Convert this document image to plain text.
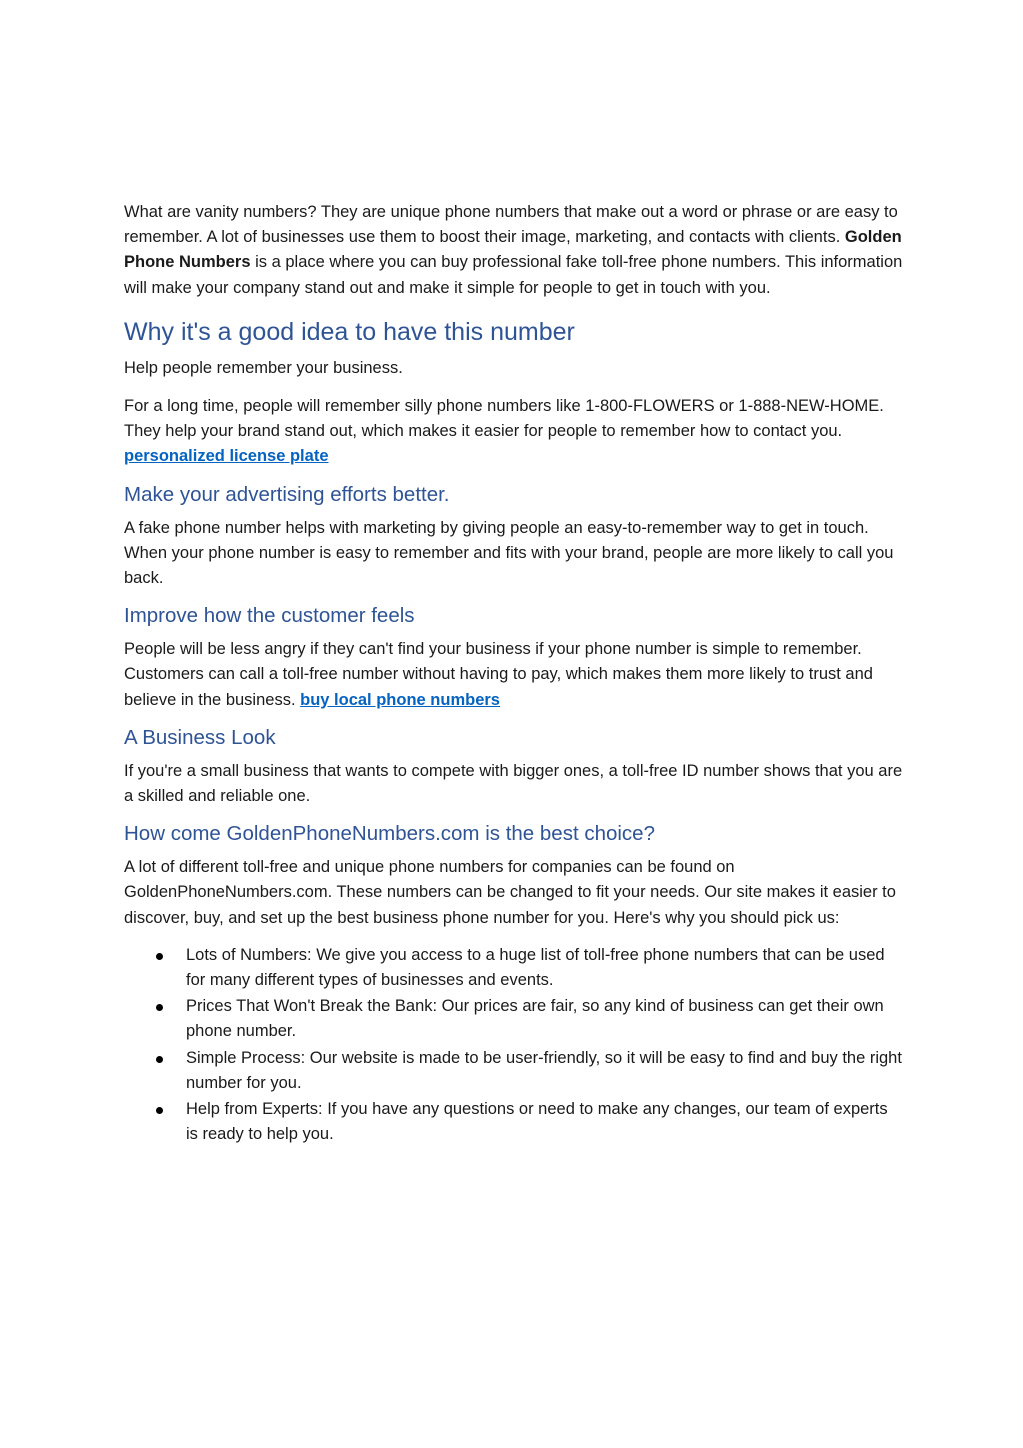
What are vanity numbers? They are unique phone numbers that make out a word or phrase or are easy to remember. A lot of businesses use them to boost their image, marketing, and contacts with clients. Golden Phone Numbers is a place where you can buy professional fake toll-free phone numbers. This information will make your company stand out and make it simple for people to get in touch with you.

Why it's a good idea to have this number

Help people remember your business.

For a long time, people will remember silly phone numbers like 1-800-FLOWERS or 1-888-NEW-HOME. They help your brand stand out, which makes it easier for people to remember how to contact you. personalized license plate

Make your advertising efforts better.

A fake phone number helps with marketing by giving people an easy-to-remember way to get in touch. When your phone number is easy to remember and fits with your brand, people are more likely to call you back.

Improve how the customer feels

People will be less angry if they can't find your business if your phone number is simple to remember. Customers can call a toll-free number without having to pay, which makes them more likely to trust and believe in the business. buy local phone numbers

A Business Look

If you're a small business that wants to compete with bigger ones, a toll-free ID number shows that you are a skilled and reliable one.

How come GoldenPhoneNumbers.com is the best choice?

A lot of different toll-free and unique phone numbers for companies can be found on GoldenPhoneNumbers.com. These numbers can be changed to fit your needs. Our site makes it easier to discover, buy, and set up the best business phone number for you. Here's why you should pick us:

Lots of Numbers: We give you access to a huge list of toll-free phone numbers that can be used for many different types of businesses and events.
Prices That Won't Break the Bank: Our prices are fair, so any kind of business can get their own phone number.
Simple Process: Our website is made to be user-friendly, so it will be easy to find and buy the right number for you.
Help from Experts: If you have any questions or need to make any changes, our team of experts is ready to help you.
